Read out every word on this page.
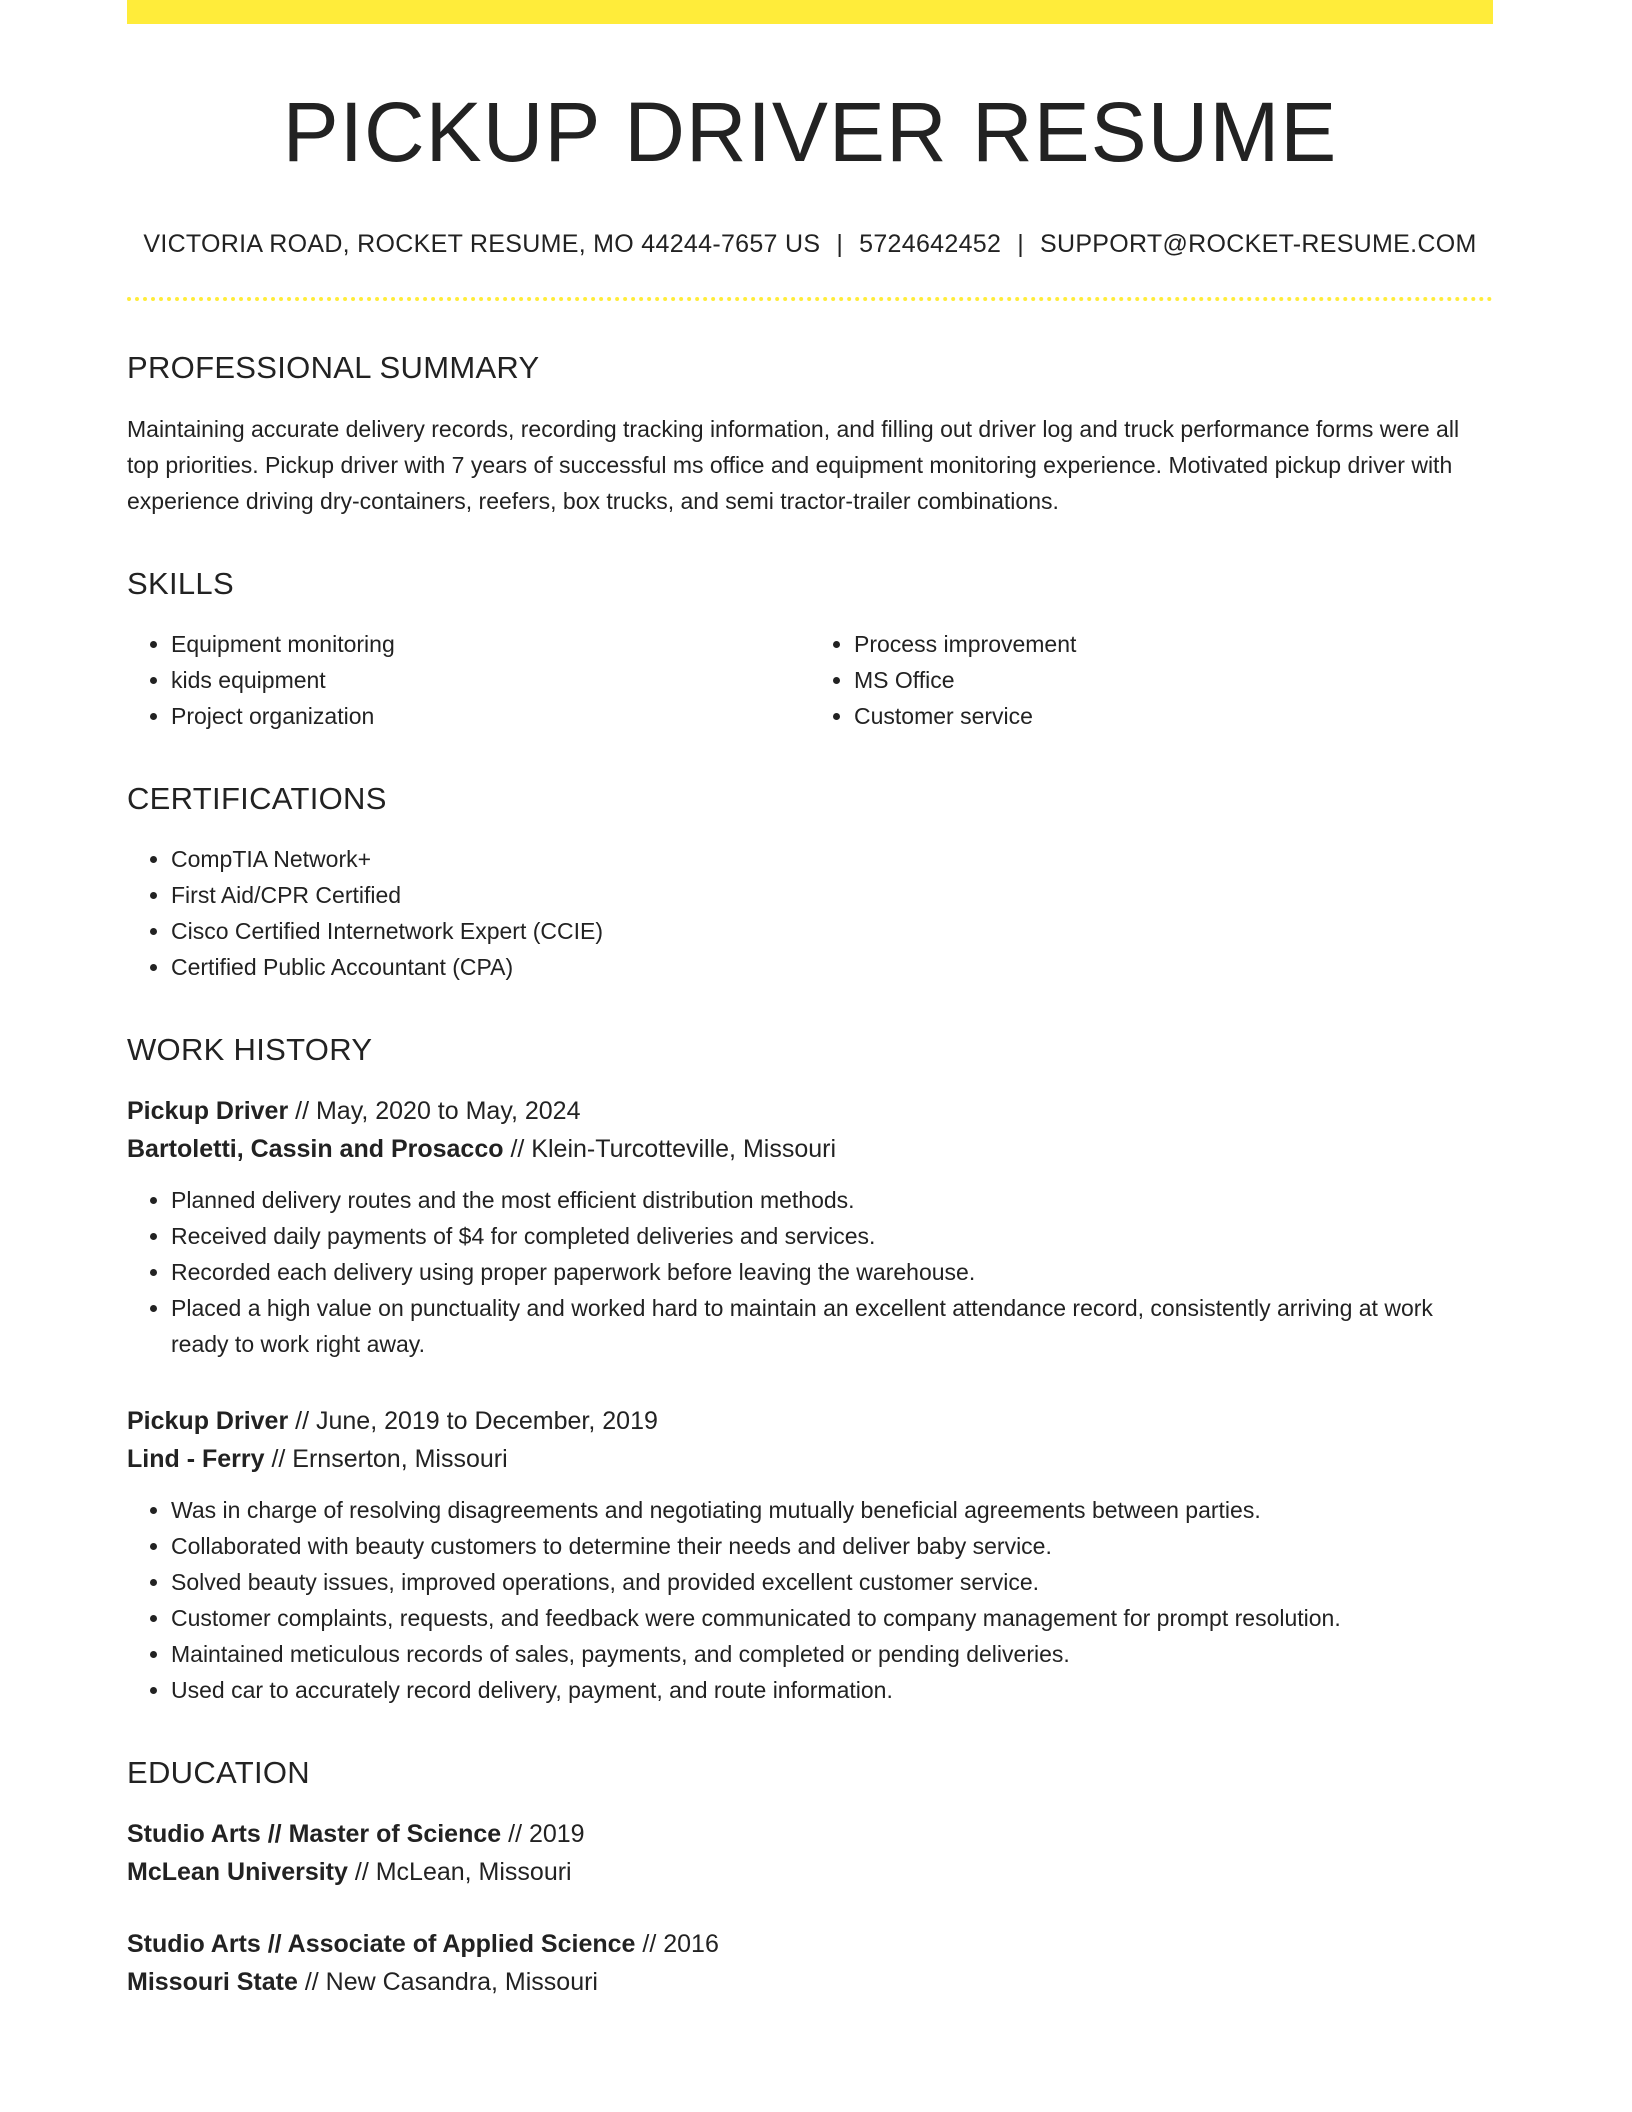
PICKUP DRIVER RESUME
VICTORIA ROAD, ROCKET RESUME, MO 44244-7657 US | 5724642452 | SUPPORT@ROCKET-RESUME.COM
PROFESSIONAL SUMMARY

Maintaining accurate delivery records, recording tracking information, and filling out driver log and truck performance forms were all top priorities. Pickup driver with 7 years of successful ms office and equipment monitoring experience. Motivated pickup driver with experience driving dry-containers, reefers, box trucks, and semi tractor-trailer combinations.

SKILLS
• Equipment monitoring
• kids equipment
• Project organization
• Process improvement
• MS Office
• Customer service
CERTIFICATIONS
• CompTIA Network+
• First Aid/CPR Certified
• Cisco Certified Internetwork Expert (CCIE)
• Certified Public Accountant (CPA)
WORK HISTORY
Pickup Driver // May, 2020 to May, 2024
Bartoletti, Cassin and Prosacco // Klein-Turcotteville, Missouri
• Planned delivery routes and the most efficient distribution methods.
• Received daily payments of $4 for completed deliveries and services.
• Recorded each delivery using proper paperwork before leaving the warehouse.
• Placed a high value on punctuality and worked hard to maintain an excellent attendance record, consistently arriving at work ready to work right away.
Pickup Driver // June, 2019 to December, 2019
Lind - Ferry // Ernserton, Missouri
• Was in charge of resolving disagreements and negotiating mutually beneficial agreements between parties.
• Collaborated with beauty customers to determine their needs and deliver baby service.
• Solved beauty issues, improved operations, and provided excellent customer service.
• Customer complaints, requests, and feedback were communicated to company management for prompt resolution.
• Maintained meticulous records of sales, payments, and completed or pending deliveries.
• Used car to accurately record delivery, payment, and route information.
EDUCATION
Studio Arts // Master of Science // 2019
McLean University // McLean, Missouri
Studio Arts // Associate of Applied Science // 2016
Missouri State // New Casandra, Missouri
